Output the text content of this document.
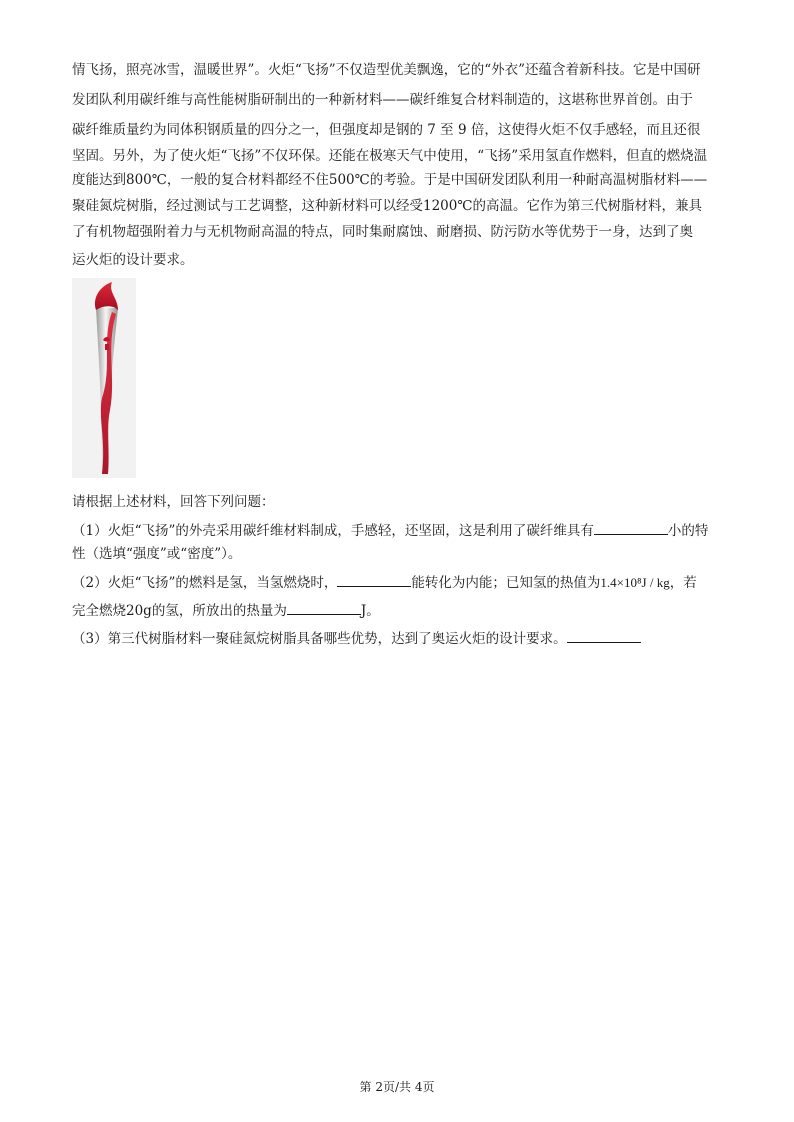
情飞扬，照亮冰雪，温暖世界”。火炬“飞扬”不仅造型优美飘逸，它的“外衣”还蕴含着新科技。它是中国研
发团队利用碳纤维与高性能树脂研制出的一种新材料——碳纤维复合材料制造的，这堪称世界首创。由于
碳纤维质量约为同体积钢质量的四分之一，但强度却是钢的 7 至 9 倍，这使得火炬不仅手感轻，而且还很
坚固。另外，为了使火炬“飞扬”不仅环保。还能在极寒天气中使用，“飞扬”采用氢直作燃料，但直的燃烧温
度能达到800℃，一般的复合材料都经不住500℃的考验。于是中国研发团队利用一种耐高温树脂材料——
聚硅氮烷树脂，经过测试与工艺调整，这种新材料可以经受1200℃的高温。它作为第三代树脂材料，兼具
了有机物超强附着力与无机物耐高温的特点，同时集耐腐蚀、耐磨损、防污防水等优势于一身，达到了奥
运火炬的设计要求。
请根据上述材料，回答下列问题：
（1）火炬“飞扬”的外壳采用碳纤维材料制成，手感轻，还坚固，这是利用了碳纤维具有	小的特
性（选填“强度”或“密度”）。
（2）火炬“飞扬”的燃料是氢，当氢燃烧时，	能转化为内能；已知氢的热值为1.4×10⁸J / kg，若
完全燃烧20g的氢，所放出的热量为	J。
（3）第三代树脂材料一聚硅氮烷树脂具备哪些优势，达到了奥运火炬的设计要求。
第 2页/共 4页
